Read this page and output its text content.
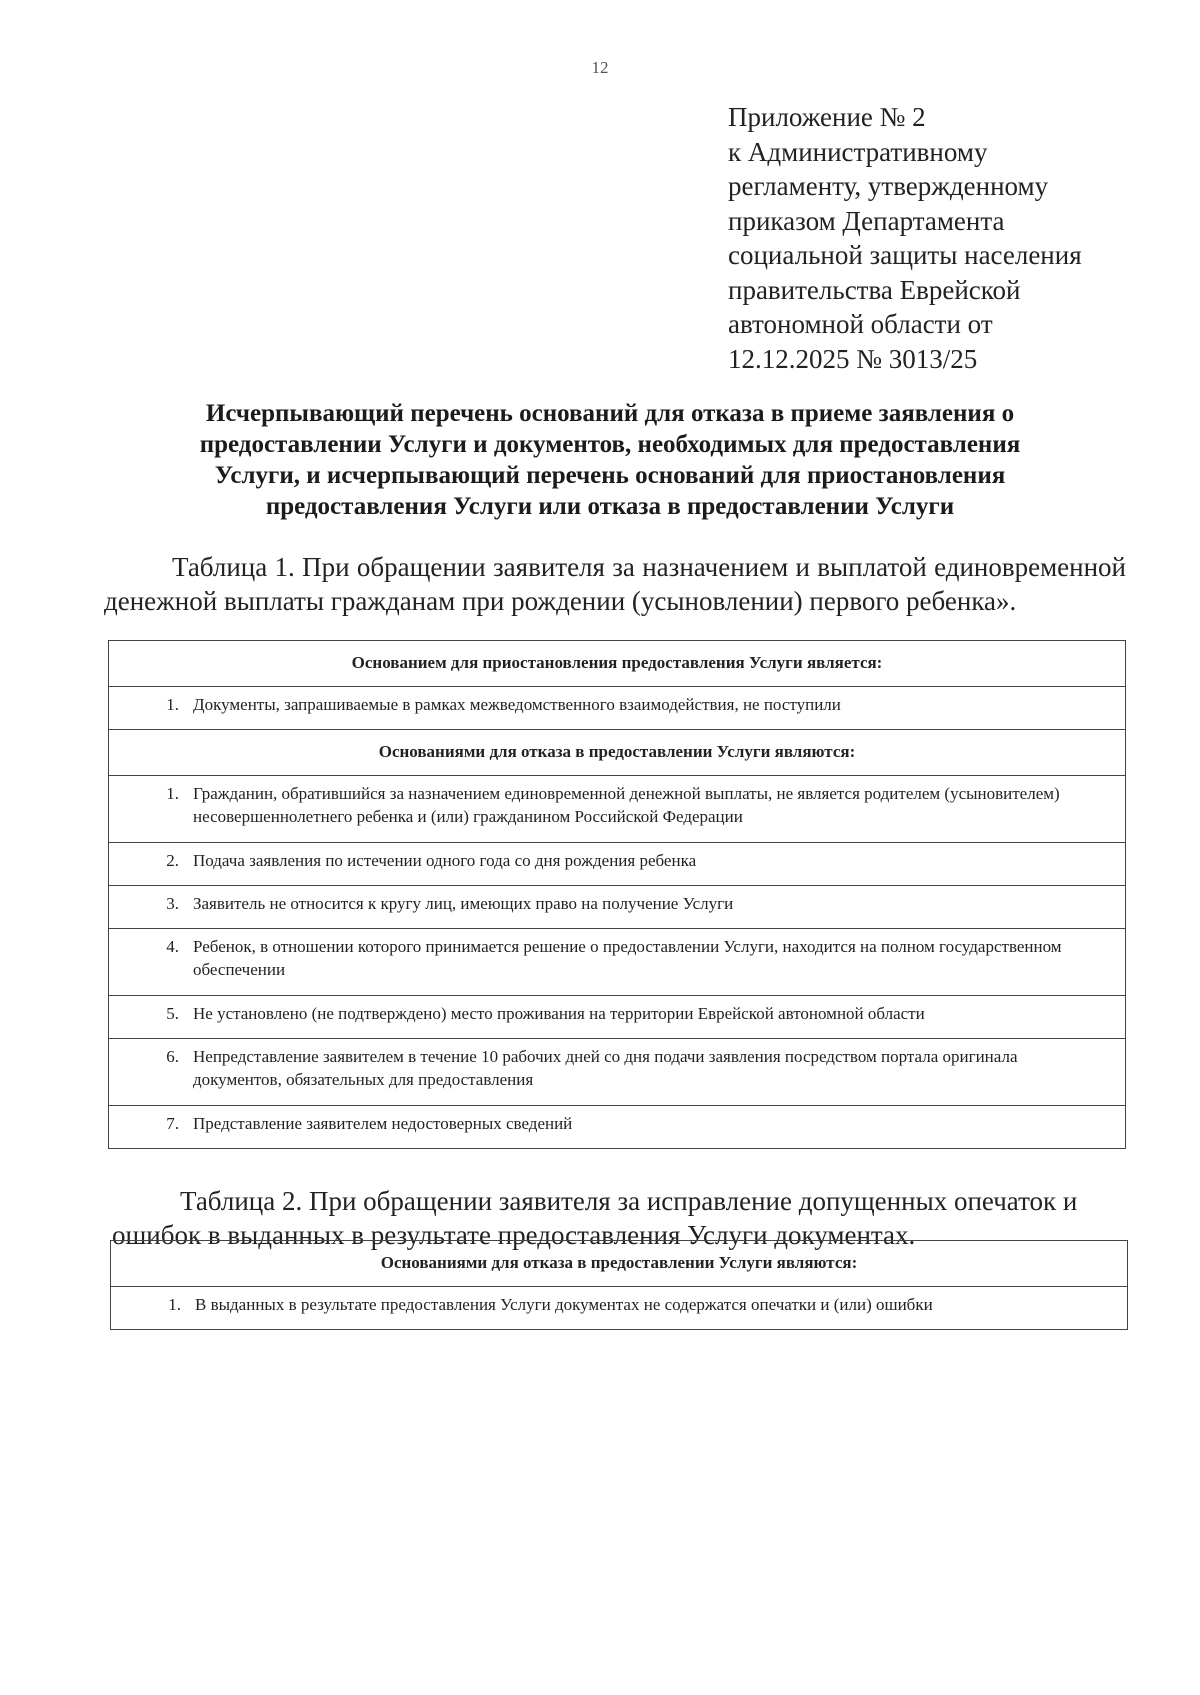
12
Приложение № 2
к Административному
регламенту, утвержденному
приказом Департамента
социальной защиты населения
правительства Еврейской
автономной области от
12.12.2025 № 3013/25
Исчерпывающий перечень оснований для отказа в приеме заявления о
предоставлении Услуги и документов, необходимых для предоставления
Услуги, и исчерпывающий перечень оснований для приостановления
предоставления Услуги или отказа в предоставлении Услуги
Таблица 1. При обращении заявителя за назначением и выплатой единовременной денежной выплаты гражданам при рождении (усыновлении) первого ребенка».
Основанием для приостановления предоставления Услуги является:

1. Документы, запрашиваемые в рамках межведомственного взаимодействия, не поступили

Основаниями для отказа в предоставлении Услуги являются:

1. Гражданин, обратившийся за назначением единовременной денежной выплаты, не является родителем (усыновителем) несовершеннолетнего ребенка и (или) гражданином Российской Федерации

2. Подача заявления по истечении одного года со дня рождения ребенка

3. Заявитель не относится к кругу лиц, имеющих право на получение Услуги

4. Ребенок, в отношении которого принимается решение о предоставлении Услуги, находится на полном государственном обеспечении

5. Не установлено (не подтверждено) место проживания на территории Еврейской автономной области

6. Непредставление заявителем в течение 10 рабочих дней со дня подачи заявления посредством портала оригинала документов, обязательных для предоставления

7. Представление заявителем недостоверных сведений
Таблица 2. При обращении заявителя за исправление допущенных опечаток и ошибок в выданных в результате предоставления Услуги документах.
Основаниями для отказа в предоставлении Услуги являются:

1. В выданных в результате предоставления Услуги документах не содержатся опечатки и (или) ошибки
